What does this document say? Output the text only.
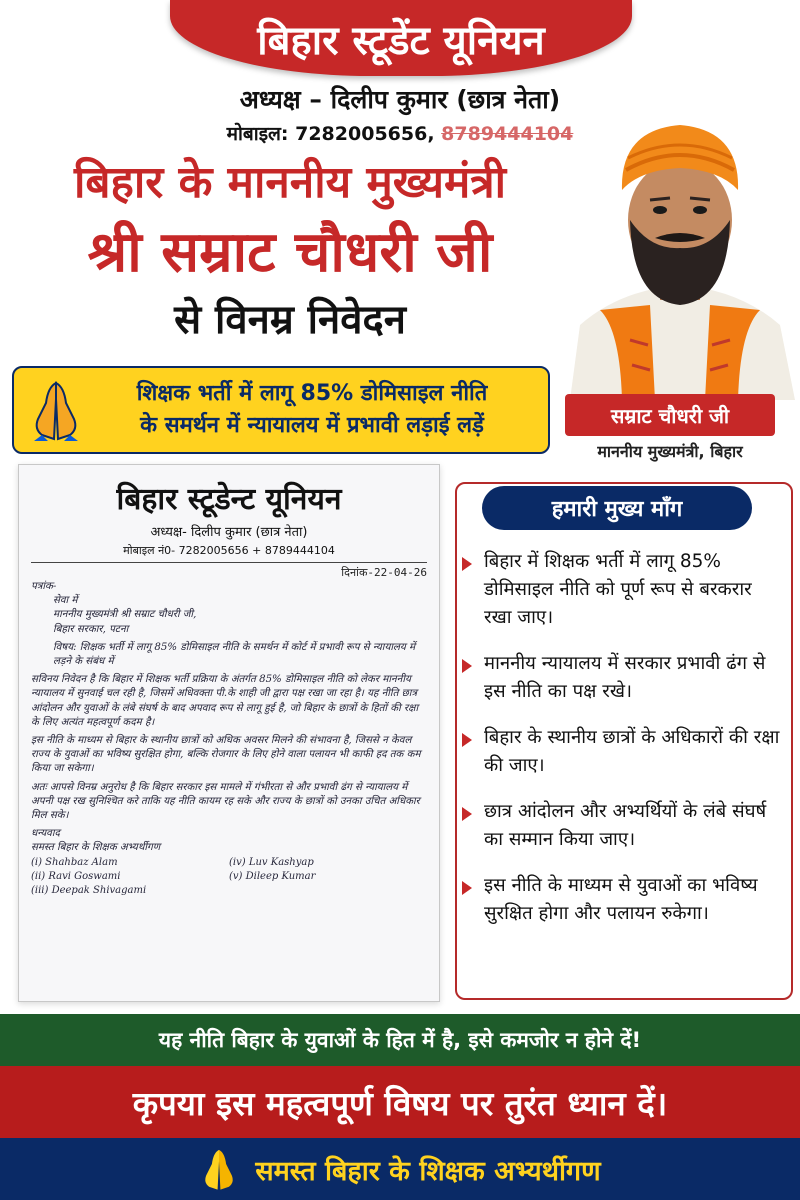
बिहार स्टूडेंट यूनियन
अध्यक्ष – दिलीप कुमार (छात्र नेता)
मोबाइल: 7282005656, 8789444104
बिहार के माननीय मुख्यमंत्री
श्री सम्राट चौधरी जी
से विनम्र निवेदन
सम्राट चौधरी जी
माननीय मुख्यमंत्री, बिहार
शिक्षक भर्ती में लागू 85% डोमिसाइल नीति
के समर्थन में न्यायालय में प्रभावी लड़ाई लड़ें
बिहार स्टूडेन्ट यूनियन
अध्यक्ष- दिलीप कुमार (छात्र नेता)
मोबाइल नं0- 7282005656 + 8789444104
दिनांक-22-04-26
पत्रांक-
सेवा में
माननीय मुख्यमंत्री श्री सम्राट चौधरी जी,
बिहार सरकार, पटना
विषय: शिक्षक भर्ती में लागू 85% डोमिसाइल नीति के समर्थन में कोर्ट में प्रभावी रूप से न्यायालय में लड़ने के संबंध में
सविनय निवेदन है कि बिहार में शिक्षक भर्ती प्रक्रिया के अंतर्गत 85% डोमिसाइल नीति को लेकर माननीय न्यायालय में सुनवाई चल रही है, जिसमें अधिवक्ता पी.के शाही जी द्वारा पक्ष रखा जा रहा है। यह नीति छात्र आंदोलन और युवाओं के लंबे संघर्ष के बाद अपवाद रूप से लागू हुई है, जो बिहार के छात्रों के हितों की रक्षा के लिए अत्यंत महत्वपूर्ण कदम है।
इस नीति के माध्यम से बिहार के स्थानीय छात्रों को अधिक अवसर मिलने की संभावना है, जिससे न केवल राज्य के युवाओं का भविष्य सुरक्षित होगा, बल्कि रोजगार के लिए होने वाला पलायन भी काफी हद तक कम किया जा सकेगा।
अतः आपसे विनम्र अनुरोध है कि बिहार सरकार इस मामले में गंभीरता से और प्रभावी ढंग से न्यायालय में अपनी पक्ष रख सुनिश्चित करे ताकि यह नीति कायम रह सके और राज्य के छात्रों को उनका उचित अधिकार मिल सके।
धन्यवाद
समस्त बिहार के शिक्षक अभ्यर्थीगण
(i) Shahbaz Alam
(ii) Ravi Goswami
(iii) Deepak Shivagami
(iv) Luv Kashyap
(v) Dileep Kumar
हमारी मुख्य माँग
बिहार में शिक्षक भर्ती में लागू 85% डोमिसाइल नीति को पूर्ण रूप से बरकरार रखा जाए।
माननीय न्यायालय में सरकार प्रभावी ढंग से इस नीति का पक्ष रखे।
बिहार के स्थानीय छात्रों के अधिकारों की रक्षा की जाए।
छात्र आंदोलन और अभ्यर्थियों के लंबे संघर्ष का सम्मान किया जाए।
इस नीति के माध्यम से युवाओं का भविष्य सुरक्षित होगा और पलायन रुकेगा।
यह नीति बिहार के युवाओं के हित में है, इसे कमजोर न होने दें!
कृपया इस महत्वपूर्ण विषय पर तुरंत ध्यान दें।
समस्त बिहार के शिक्षक अभ्यर्थीगण
